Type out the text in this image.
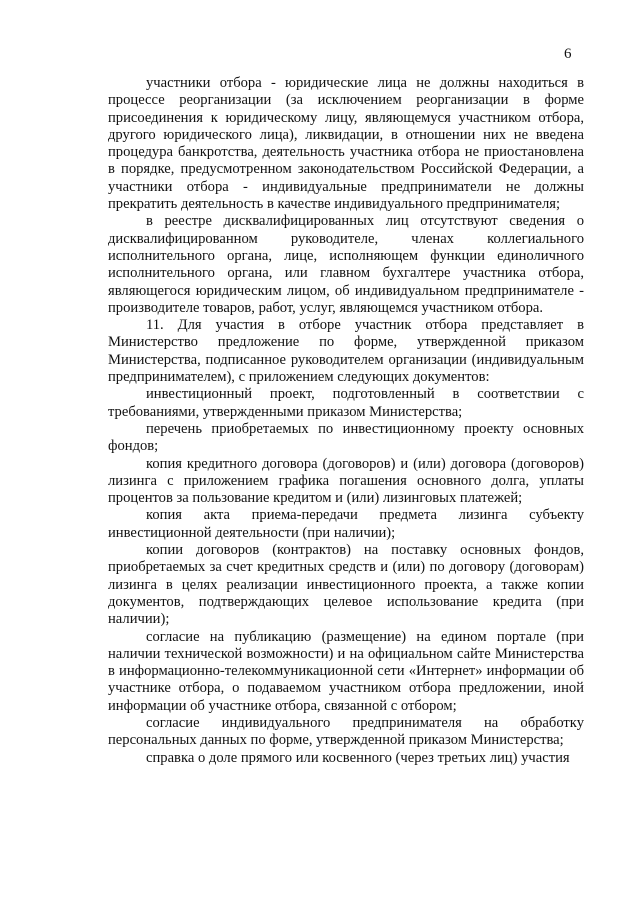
6

участники отбора - юридические лица не должны находиться в процессе реорганизации (за исключением реорганизации в форме присоединения к юридическому лицу, являющемуся участником отбора, другого юридического лица), ликвидации, в отношении них не введена процедура банкротства, деятельность участника отбора не приостановлена в порядке, предусмотренном законодательством Российской Федерации, а участники отбора - индивидуальные предприниматели не должны прекратить деятельность в качестве индивидуального предпринимателя;

в реестре дисквалифицированных лиц отсутствуют сведения о дисквалифицированном руководителе, членах коллегиального исполнительного органа, лице, исполняющем функции единоличного исполнительного органа, или главном бухгалтере участника отбора, являющегося юридическим лицом, об индивидуальном предпринимателе - производителе товаров, работ, услуг, являющемся участником отбора.

11. Для участия в отборе участник отбора представляет в Министерство предложение по форме, утвержденной приказом Министерства, подписанное руководителем организации (индивидуальным предпринимателем), с приложением следующих документов:

инвестиционный проект, подготовленный в соответствии с требованиями, утвержденными приказом Министерства;

перечень приобретаемых по инвестиционному проекту основных фондов;

копия кредитного договора (договоров) и (или) договора (договоров) лизинга с приложением графика погашения основного долга, уплаты процентов за пользование кредитом и (или) лизинговых платежей;

копия акта приема-передачи предмета лизинга субъекту инвестиционной деятельности (при наличии);

копии договоров (контрактов) на поставку основных фондов, приобретаемых за счет кредитных средств и (или) по договору (договорам) лизинга в целях реализации инвестиционного проекта, а также копии документов, подтверждающих целевое использование кредита (при наличии);

согласие на публикацию (размещение) на едином портале (при наличии технической возможности) и на официальном сайте Министерства в информационно-телекоммуникационной сети «Интернет» информации об участнике отбора, о подаваемом участником отбора предложении, иной информации об участнике отбора, связанной с отбором;

согласие индивидуального предпринимателя на обработку персональных данных по форме, утвержденной приказом Министерства;

справка о доле прямого или косвенного (через третьих лиц) участия
